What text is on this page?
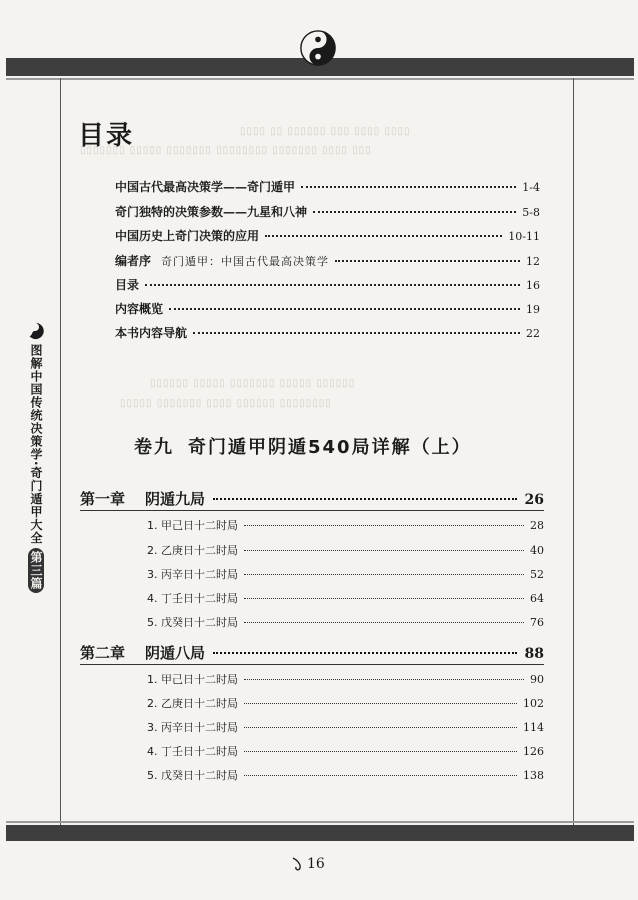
▯▯▯▯ ▯▯ ▯▯▯▯▯▯ ▯▯▯ ▯▯▯▯ ▯▯▯▯
▯▯▯▯▯▯▯ ▯▯▯▯▯ ▯▯▯▯▯▯▯ ▯▯▯▯▯▯▯▯ ▯▯▯▯▯▯▯ ▯▯▯▯ ▯▯▯
▯▯▯▯▯▯ ▯▯▯▯▯ ▯▯▯▯▯▯▯ ▯▯▯▯▯ ▯▯▯▯▯▯
▯▯▯▯▯ ▯▯▯▯▯▯▯ ▯▯▯▯ ▯▯▯▯▯▯ ▯▯▯▯▯▯▯▯
图解中国传统决策学·奇门遁甲大全第三篇
目录
中国古代最高决策学——奇门遁甲	1-4
奇门独特的决策参数——九星和八神	5-8
中国历史上奇门决策的应用	10-11
编者序 奇门遁甲：中国古代最高决策学	12
目录	16
内容概览	19
本书内容导航	22
卷九 奇门遁甲阴遁540局详解（上）
第一章 阴遁九局	26
1. 甲己日十二时局	28
2. 乙庚日十二时局	40
3. 丙辛日十二时局	52
4. 丁壬日十二时局	64
5. 戊癸日十二时局	76
第二章 阴遁八局	88
1. 甲己日十二时局	90
2. 乙庚日十二时局	102
3. 丙辛日十二时局	114
4. 丁壬日十二时局	126
5. 戊癸日十二时局	138
16
